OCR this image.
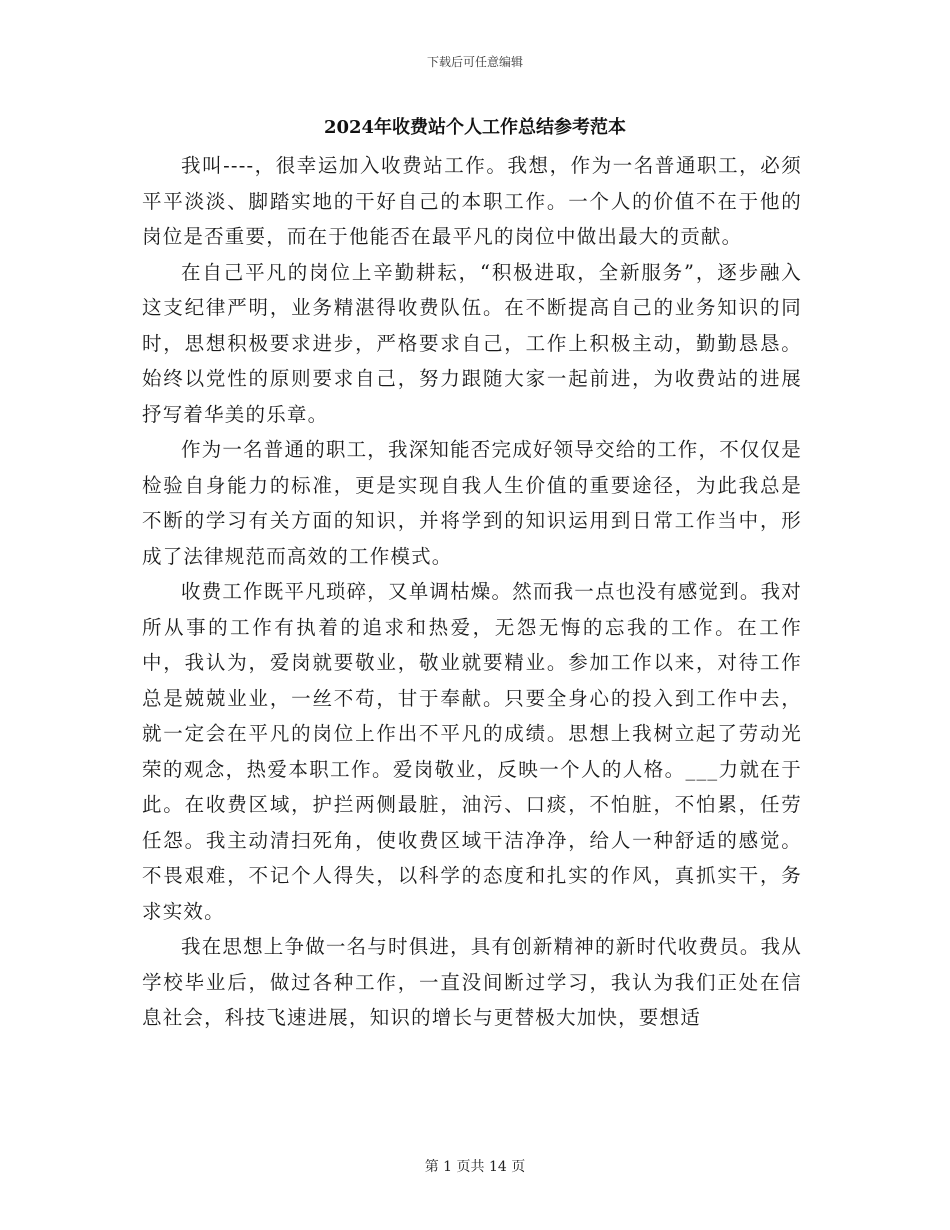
下载后可任意编辑
2024年收费站个人工作总结参考范本

我叫----，很幸运加入收费站工作。我想，作为一名普通职工，必须平平淡淡、脚踏实地的干好自己的本职工作。一个人的价值不在于他的岗位是否重要，而在于他能否在最平凡的岗位中做出最大的贡献。

在自己平凡的岗位上辛勤耕耘，“积极进取，全新服务”，逐步融入这支纪律严明，业务精湛得收费队伍。在不断提高自己的业务知识的同时，思想积极要求进步，严格要求自己，工作上积极主动，勤勤恳恳。始终以党性的原则要求自己，努力跟随大家一起前进，为收费站的进展抒写着华美的乐章。

作为一名普通的职工，我深知能否完成好领导交给的工作，不仅仅是检验自身能力的标准，更是实现自我人生价值的重要途径，为此我总是不断的学习有关方面的知识，并将学到的知识运用到日常工作当中，形成了法律规范而高效的工作模式。

收费工作既平凡琐碎，又单调枯燥。然而我一点也没有感觉到。我对所从事的工作有执着的追求和热爱，无怨无悔的忘我的工作。在工作中，我认为，爱岗就要敬业，敬业就要精业。参加工作以来，对待工作总是兢兢业业，一丝不苟，甘于奉献。只要全身心的投入到工作中去，就一定会在平凡的岗位上作出不平凡的成绩。思想上我树立起了劳动光荣的观念，热爱本职工作。爱岗敬业，反映一个人的人格。___力就在于此。在收费区域，护拦两侧最脏，油污、口痰，不怕脏，不怕累，任劳任怨。我主动清扫死角，使收费区域干洁净净，给人一种舒适的感觉。不畏艰难，不记个人得失，以科学的态度和扎实的作风，真抓实干，务求实效。

我在思想上争做一名与时俱进，具有创新精神的新时代收费员。我从学校毕业后，做过各种工作，一直没间断过学习，我认为我们正处在信息社会，科技飞速进展，知识的增长与更替极大加快，要想适

第 1 页共 14 页
